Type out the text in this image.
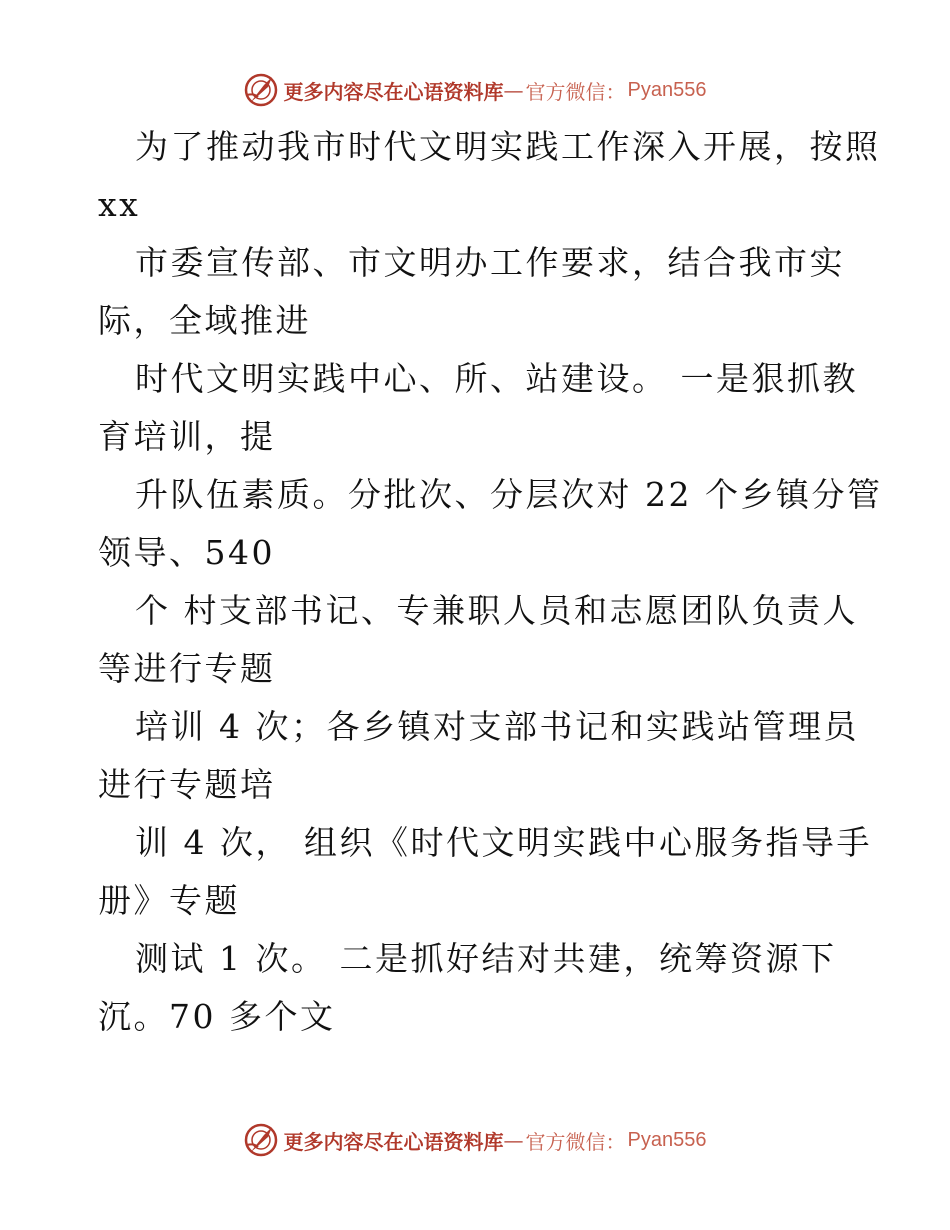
更多内容尽在心语资料库 — 官方微信： Pyan556
为了推动我市时代文明实践工作深入开展，按照
xx
市委宣传部、市文明办工作要求，结合我市实
际，全域推进
时代文明实践中心、所、站建设。 一是狠抓教
育培训，提
升队伍素质。分批次、分层次对 22 个乡镇分管
领导、540
个 村支部书记、专兼职人员和志愿团队负责人
等进行专题
培训 4 次；各乡镇对支部书记和实践站管理员
进行专题培
训 4 次， 组织《时代文明实践中心服务指导手
册》专题
测试 1 次。 二是抓好结对共建，统筹资源下
沉。70 多个文
更多内容尽在心语资料库 — 官方微信： Pyan556
